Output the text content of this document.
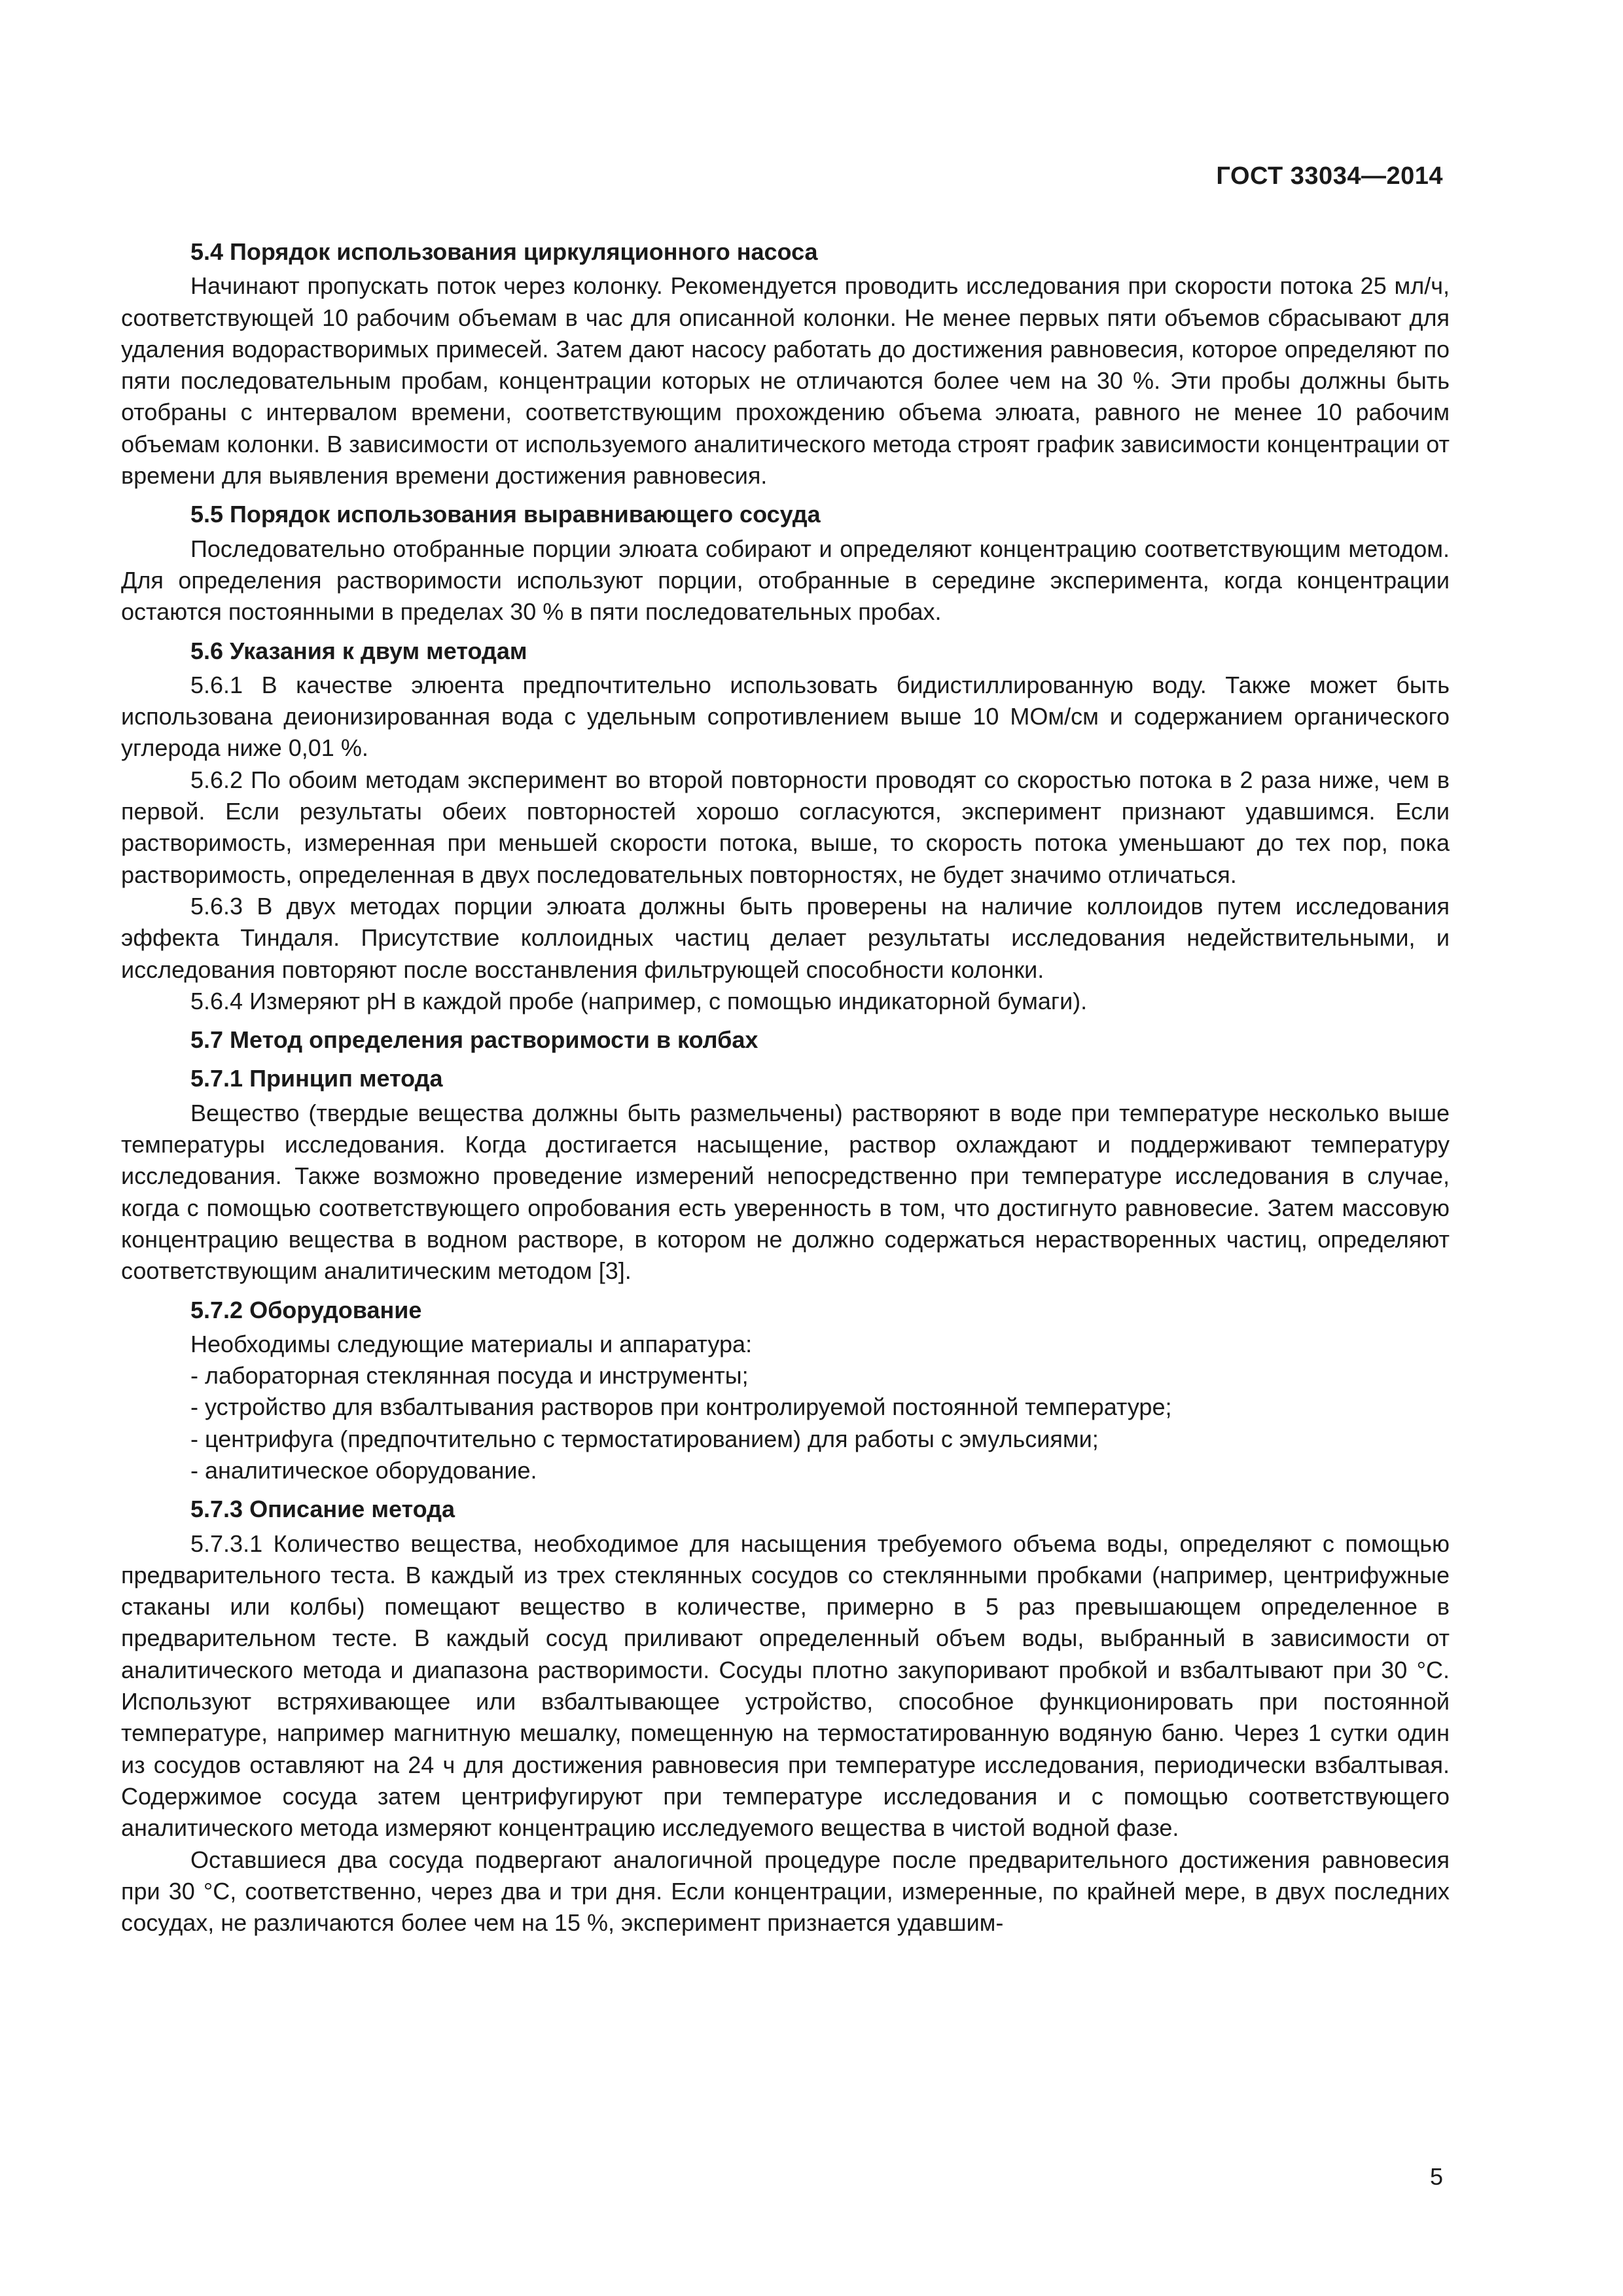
ГОСТ 33034—2014
5.4 Порядок использования циркуляционного насоса

Начинают пропускать поток через колонку. Рекомендуется проводить исследования при скорости потока 25 мл/ч, соответствующей 10 рабочим объемам в час для описанной колонки. Не менее первых пяти объемов сбрасывают для удаления водорастворимых примесей. Затем дают насосу работать до достижения равновесия, которое определяют по пяти последовательным пробам, концентрации которых не отличаются более чем на 30 %. Эти пробы должны быть отобраны с интервалом времени, соответствующим прохождению объема элюата, равного не менее 10 рабочим объемам колонки. В зависимости от используемого аналитического метода строят график зависимости концентрации от времени для выявления времени достижения равновесия.

5.5 Порядок использования выравнивающего сосуда

Последовательно отобранные порции элюата собирают и определяют концентрацию соответствующим методом. Для определения растворимости используют порции, отобранные в середине эксперимента, когда концентрации остаются постоянными в пределах 30 % в пяти последовательных пробах.

5.6 Указания к двум методам

5.6.1 В качестве элюента предпочтительно использовать бидистиллированную воду. Также может быть использована деионизированная вода с удельным сопротивлением выше 10 МОм/см и содержанием органического углерода ниже 0,01 %.

5.6.2 По обоим методам эксперимент во второй повторности проводят со скоростью потока в 2 раза ниже, чем в первой. Если результаты обеих повторностей хорошо согласуются, эксперимент признают удавшимся. Если растворимость, измеренная при меньшей скорости потока, выше, то скорость потока уменьшают до тех пор, пока растворимость, определенная в двух последовательных повторностях, не будет значимо отличаться.

5.6.3 В двух методах порции элюата должны быть проверены на наличие коллоидов путем исследования эффекта Тиндаля. Присутствие коллоидных частиц делает результаты исследования недействительными, и исследования повторяют после восстанвления фильтрующей способности колонки.

5.6.4 Измеряют pH в каждой пробе (например, с помощью индикаторной бумаги).

5.7 Метод определения растворимости в колбах
5.7.1 Принцип метода

Вещество (твердые вещества должны быть размельчены) растворяют в воде при температуре несколько выше температуры исследования. Когда достигается насыщение, раствор охлаждают и поддерживают температуру исследования. Также возможно проведение измерений непосредственно при температуре исследования в случае, когда с помощью соответствующего опробования есть уверенность в том, что достигнуто равновесие. Затем массовую концентрацию вещества в водном растворе, в котором не должно содержаться нерастворенных частиц, определяют соответствующим аналитическим методом [3].

5.7.2 Оборудование

Необходимы следующие материалы и аппаратура:

- лабораторная стеклянная посуда и инструменты;

- устройство для взбалтывания растворов при контролируемой постоянной температуре;

- центрифуга (предпочтительно с термостатированием) для работы с эмульсиями;

- аналитическое оборудование.

5.7.3 Описание метода

5.7.3.1 Количество вещества, необходимое для насыщения требуемого объема воды, определяют с помощью предварительного теста. В каждый из трех стеклянных сосудов со стеклянными пробками (например, центрифужные стаканы или колбы) помещают вещество в количестве, примерно в 5 раз превышающем определенное в предварительном тесте. В каждый сосуд приливают определенный объем воды, выбранный в зависимости от аналитического метода и диапазона растворимости. Сосуды плотно закупоривают пробкой и взбалтывают при 30 °С. Используют встряхивающее или взбалтывающее устройство, способное функционировать при постоянной температуре, например магнитную мешалку, помещенную на термостатированную водяную баню. Через 1 сутки один из сосудов оставляют на 24 ч для достижения равновесия при температуре исследования, периодически взбалтывая. Содержимое сосуда затем центрифугируют при температуре исследования и с помощью соответствующего аналитического метода измеряют концентрацию исследуемого вещества в чистой водной фазе.

Оставшиеся два сосуда подвергают аналогичной процедуре после предварительного достижения равновесия при 30 °С, соответственно, через два и три дня. Если концентрации, измеренные, по крайней мере, в двух последних сосудах, не различаются более чем на 15 %, эксперимент признается удавшим-

5
